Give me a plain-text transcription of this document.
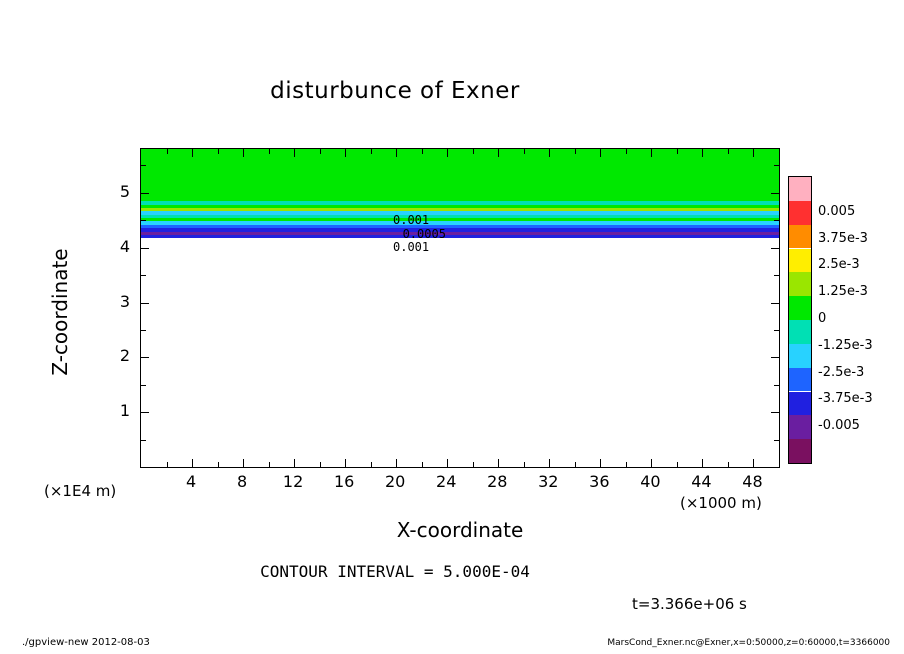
disturbunce of Exner
0.001
0.0005
0.001
4	8	12	16	20	24	28	32	36	40	44	48
1
2
3
4
5
X-coordinate
Z-coordinate
(×1E4 m)
(×1000 m)
CONTOUR INTERVAL = 5.000E-04
t=3.366e+06 s
0.005
3.75e-3
2.5e-3
1.25e-3
0
-1.25e-3
-2.5e-3
-3.75e-3
-0.005
./gpview-new 2012-08-03	MarsCond_Exner.nc@Exner,x=0:50000,z=0:60000,t=3366000
